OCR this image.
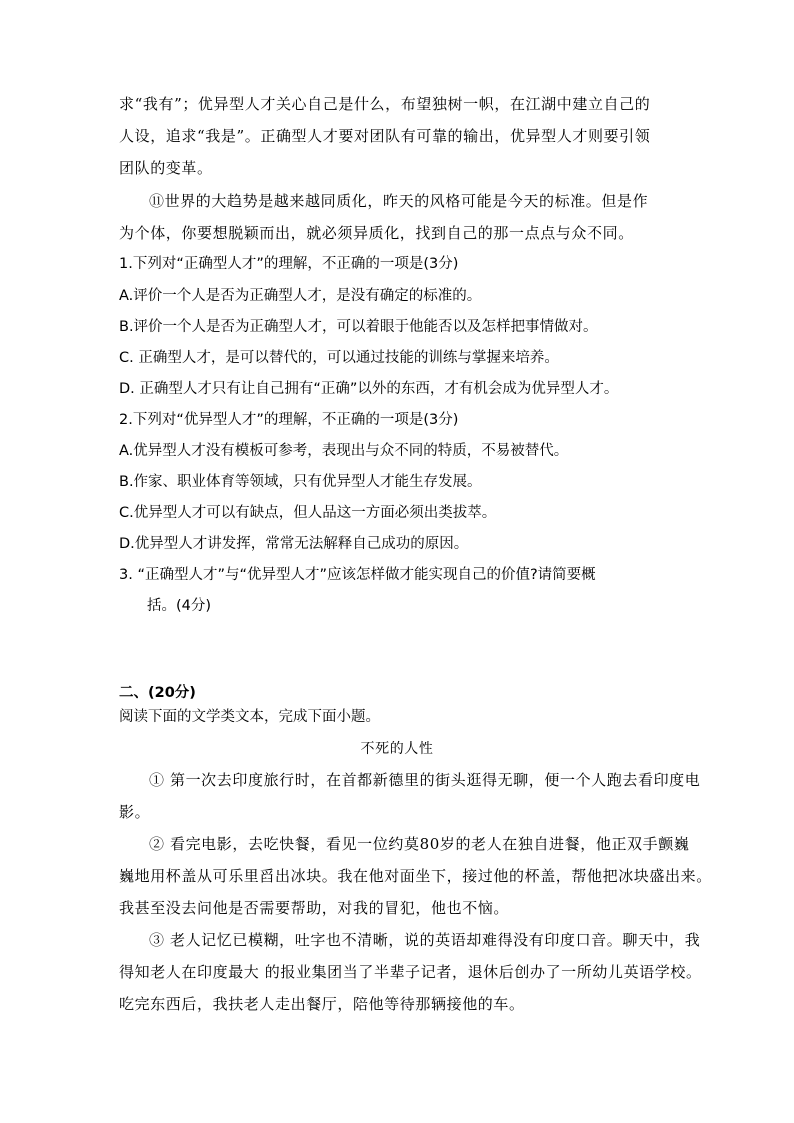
求“我有”；优异型人才关心自己是什么，布望独树一帜，在江湖中建立自己的
人设，追求“我是”。正确型人才要对团队有可靠的输出，优异型人才则要引领
团队的变革。
⑪世界的大趋势是越来越同质化，昨天的风格可能是今天的标准。但是作
为个体，你要想脱颖而出，就必须异质化，找到自己的那一点点与众不同。
1.下列对“正确型人才”的理解，不正确的一项是(3分)
A.评价一个人是否为正确型人才，是没有确定的标准的。
B.评价一个人是否为正确型人才，可以着眼于他能否以及怎样把事情做对。
C. 正确型人才，是可以替代的，可以通过技能的训练与掌握来培养。
D. 正确型人才只有让自己拥有“正确”以外的东西，才有机会成为优异型人才。
2.下列对“优异型人才”的理解，不正确的一项是(3分)
A.优异型人才没有模板可参考，表现出与众不同的特质，不易被替代。
B.作家、职业体育等领域，只有优异型人才能生存发展。
C.优异型人才可以有缺点，但人品这一方面必须出类拔萃。
D.优异型人才讲发挥，常常无法解释自己成功的原因。
3. “正确型人才”与“优异型人才”应该怎样做才能实现自己的价值?请简要概
括。(4分)
二、(20分)
阅读下面的文学类文本，完成下面小题。
不死的人性
① 第一次去印度旅行时，在首都新德里的街头逛得无聊，便一个人跑去看印度电
影。
② 看完电影，去吃快餐，看见一位约莫80岁的老人在独自进餐，他正双手颤巍
巍地用杯盖从可乐里舀出冰块。我在他对面坐下，接过他的杯盖，帮他把冰块盛出来。
我甚至没去问他是否需要帮助，对我的冒犯，他也不恼。
③ 老人记忆已模糊，吐字也不清晰，说的英语却难得没有印度口音。聊天中，我
得知老人在印度最大 的报业集团当了半辈子记者，退休后创办了一所幼儿英语学校。
吃完东西后，我扶老人走出餐厅，陪他等待那辆接他的车。
